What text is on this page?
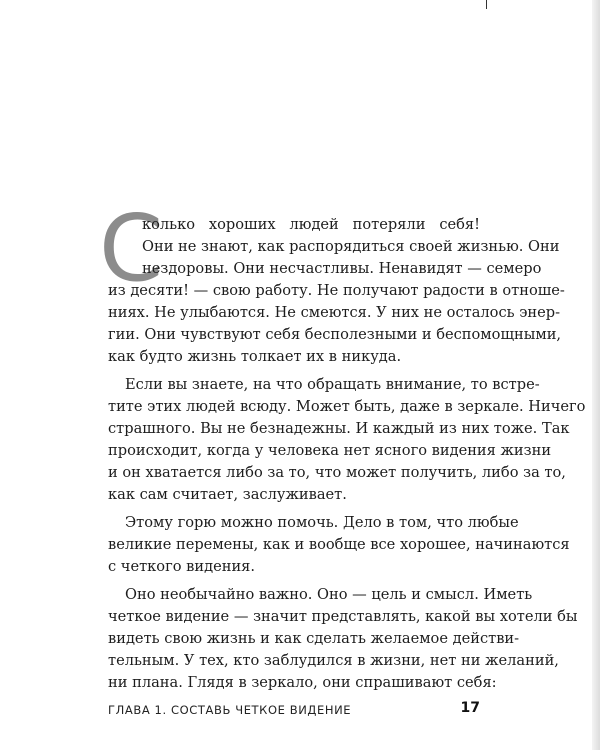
С
колько хороших людей потеряли себя!
Они не знают, как распорядиться своей жизнью. Они
нездоровы. Они несчастливы. Ненавидят — семеро
из десяти! — свою работу. Не получают радости в отноше-
ниях. Не улыбаются. Не смеются. У них не осталось энер-
гии. Они чувствуют себя бесполезными и беспомощными,
как будто жизнь толкает их в никуда.
Если вы знаете, на что обращать внимание, то встре-
тите этих людей всюду. Может быть, даже в зеркале. Ничего
страшного. Вы не безнадежны. И каждый из них тоже. Так
происходит, когда у человека нет ясного видения жизни
и он хватается либо за то, что может получить, либо за то,
как сам считает, заслуживает.
Этому горю можно помочь. Дело в том, что любые
великие перемены, как и вообще все хорошее, начинаются
с четкого видения.
Оно необычайно важно. Оно — цель и смысл. Иметь
четкое видение — значит представлять, какой вы хотели бы
видеть свою жизнь и как сделать желаемое действи-
тельным. У тех, кто заблудился в жизни, нет ни желаний,
ни плана. Глядя в зеркало, они спрашивают себя:
ГЛАВА 1. СОСТАВЬ ЧЕТКОЕ ВИДЕНИЕ	17
